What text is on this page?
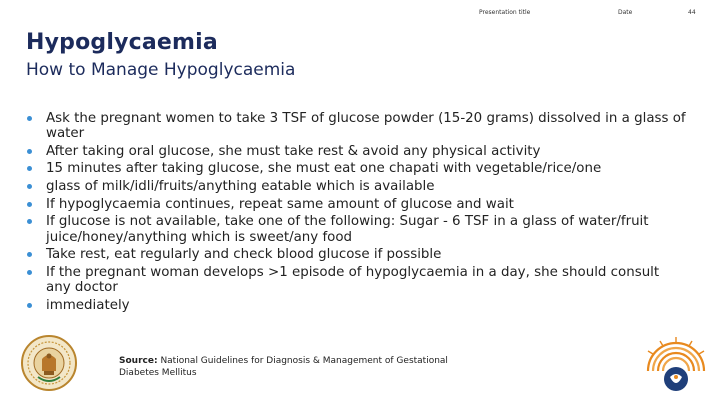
Presentation title	Date	44
Hypoglycaemia
How to Manage Hypoglycaemia
Ask the pregnant women to take 3 TSF of glucose powder (15-20 grams) dissolved in a glass of water
After taking oral glucose, she must take rest & avoid any physical activity
15 minutes after taking glucose, she must eat one chapati with vegetable/rice/one
glass of milk/idli/fruits/anything eatable which is available
If hypoglycaemia continues, repeat same amount of glucose and wait
If glucose is not available, take one of the following: Sugar - 6 TSF in a glass of water/fruit juice/honey/anything which is sweet/any food
Take rest, eat regularly and check blood glucose if possible
If the pregnant woman develops >1 episode of hypoglycaemia in a day, she should consult any doctor
immediately
Source: National Guidelines for Diagnosis & Management of Gestational Diabetes Mellitus
